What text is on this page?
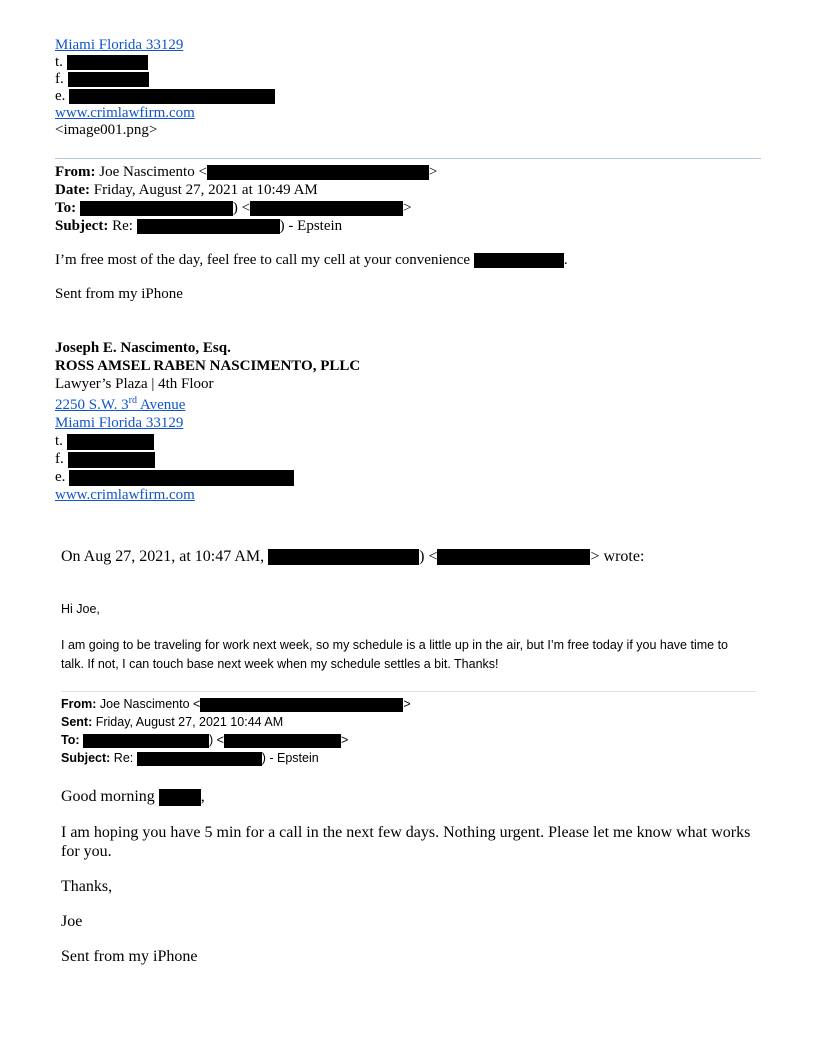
Miami Florida 33129
t.
f.
e.
www.crimlawfirm.com
<image001.png>
From: Joe Nascimento <	>
Date: Friday, August 27, 2021 at 10:49 AM
To:	) <	>
Subject: Re:	) - Epstein
I’m free most of the day, feel free to call my cell at your convenience	.
Sent from my iPhone
Joseph E. Nascimento, Esq.
ROSS AMSEL RABEN NASCIMENTO, PLLC
Lawyer’s Plaza | 4th Floor
2250 S.W. 3rd Avenue
Miami Florida 33129
t.
f.
e.
www.crimlawfirm.com
On Aug 27, 2021, at 10:47 AM,	) <	> wrote:
Hi Joe,
I am going to be traveling for work next week, so my schedule is a little up in the air, but I’m free today if you have time to talk. If not, I can touch base next week when my schedule settles a bit. Thanks!
From: Joe Nascimento <	>
Sent: Friday, August 27, 2021 10:44 AM
To:	) <	>
Subject: Re:	) - Epstein
Good morning	,
I am hoping you have 5 min for a call in the next few days. Nothing urgent. Please let me know what works for you.
Thanks,
Joe
Sent from my iPhone
